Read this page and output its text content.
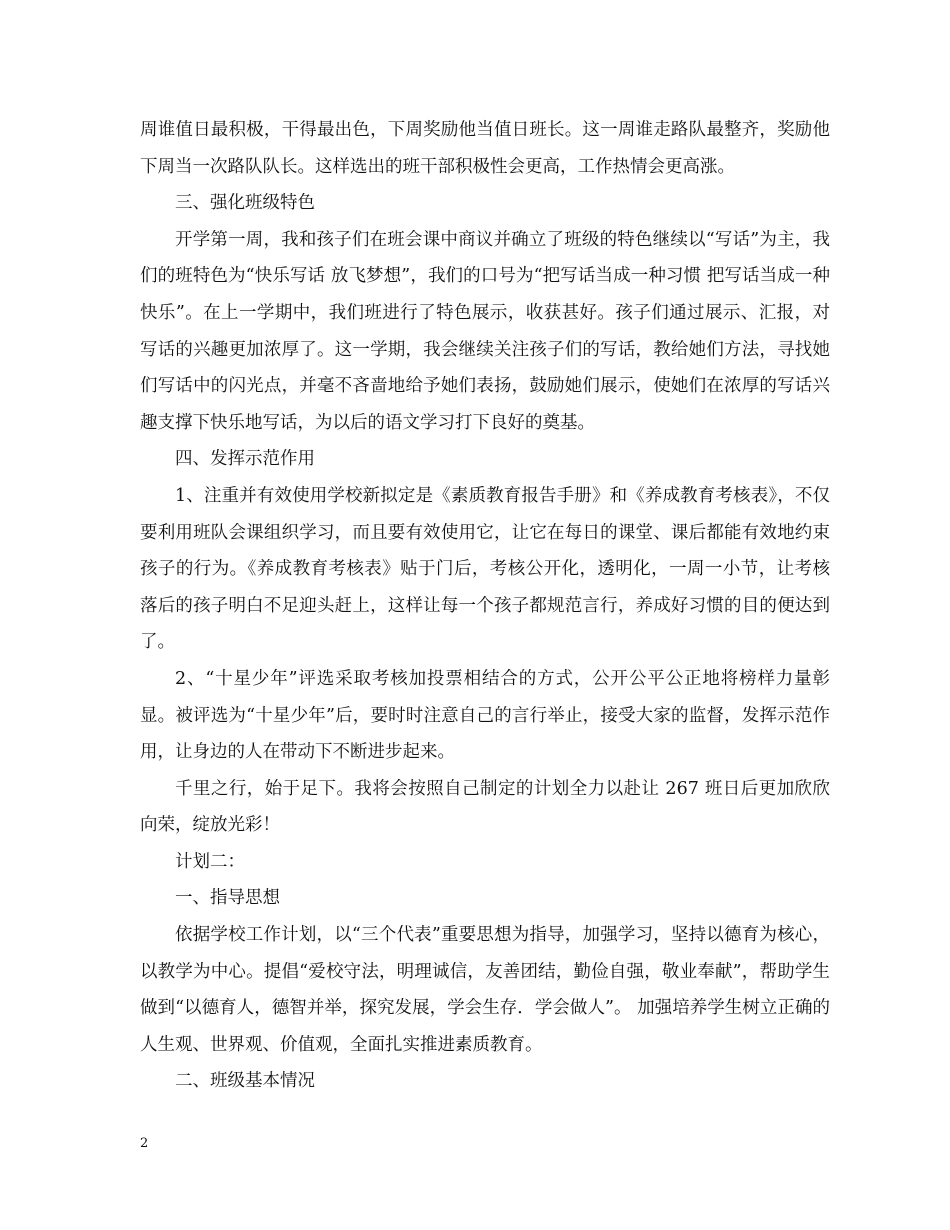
周谁值日最积极，干得最出色，下周奖励他当值日班长。这一周谁走路队最整齐，奖励他下周当一次路队队长。这样选出的班干部积极性会更高，工作热情会更高涨。

三、强化班级特色

开学第一周，我和孩子们在班会课中商议并确立了班级的特色继续以“写话”为主，我们的班特色为“快乐写话 放飞梦想”，我们的口号为“把写话当成一种习惯 把写话当成一种快乐”。在上一学期中，我们班进行了特色展示，收获甚好。孩子们通过展示、汇报，对写话的兴趣更加浓厚了。这一学期，我会继续关注孩子们的写话，教给她们方法，寻找她们写话中的闪光点，并毫不吝啬地给予她们表扬，鼓励她们展示，使她们在浓厚的写话兴趣支撑下快乐地写话，为以后的语文学习打下良好的奠基。

四、发挥示范作用

1、注重并有效使用学校新拟定是《素质教育报告手册》和《养成教育考核表》，不仅要利用班队会课组织学习，而且要有效使用它，让它在每日的课堂、课后都能有效地约束孩子的行为。《养成教育考核表》贴于门后，考核公开化，透明化，一周一小节，让考核落后的孩子明白不足迎头赶上，这样让每一个孩子都规范言行，养成好习惯的目的便达到了。

2、“十星少年”评选采取考核加投票相结合的方式，公开公平公正地将榜样力量彰显。被评选为“十星少年”后，要时时注意自己的言行举止，接受大家的监督，发挥示范作用，让身边的人在带动下不断进步起来。

千里之行，始于足下。我将会按照自己制定的计划全力以赴让 267 班日后更加欣欣向荣，绽放光彩！

计划二：

一、指导思想

依据学校工作计划，以“三个代表”重要思想为指导，加强学习，坚持以德育为核心，以教学为中心。提倡“爱校守法，明理诚信，友善团结，勤俭自强，敬业奉献”，帮助学生做到“以德育人，德智并举，探究发展，学会生存．学会做人”。 加强培养学生树立正确的人生观、世界观、价值观，全面扎实推进素质教育。

二、班级基本情况

2
